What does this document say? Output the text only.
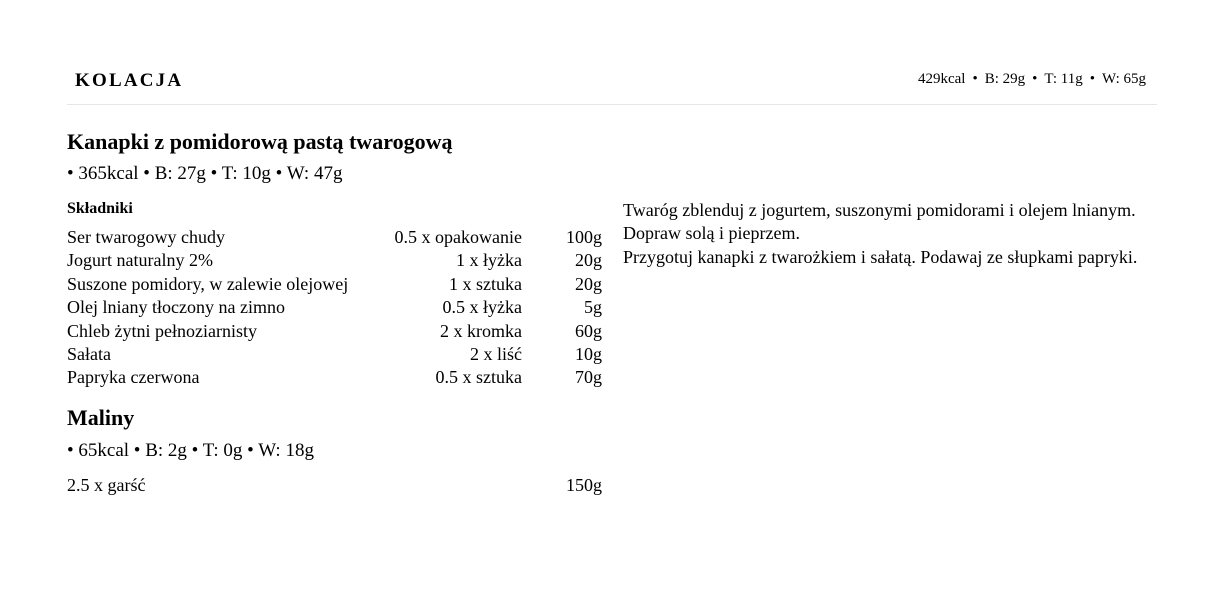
KOLACJA	429kcal • B: 29g • T: 11g • W: 65g
Kanapki z pomidorową pastą twarogową
• 365kcal • B: 27g • T: 10g • W: 47g
Składniki
Ser twarogowy chudy	0.5 x opakowanie	100g
Jogurt naturalny 2%	1 x łyżka	20g
Suszone pomidory, w zalewie olejowej	1 x sztuka	20g
Olej lniany tłoczony na zimno	0.5 x łyżka	5g
Chleb żytni pełnoziarnisty	2 x kromka	60g
Sałata	2 x liść	10g
Papryka czerwona	0.5 x sztuka	70g

Twaróg zblenduj z jogurtem, suszonymi pomidorami i olejem lnianym. Dopraw solą i pieprzem.

Przygotuj kanapki z twarożkiem i sałatą. Podawaj ze słupkami papryki.

Maliny
• 65kcal • B: 2g • T: 0g • W: 18g
2.5 x garść	150g
